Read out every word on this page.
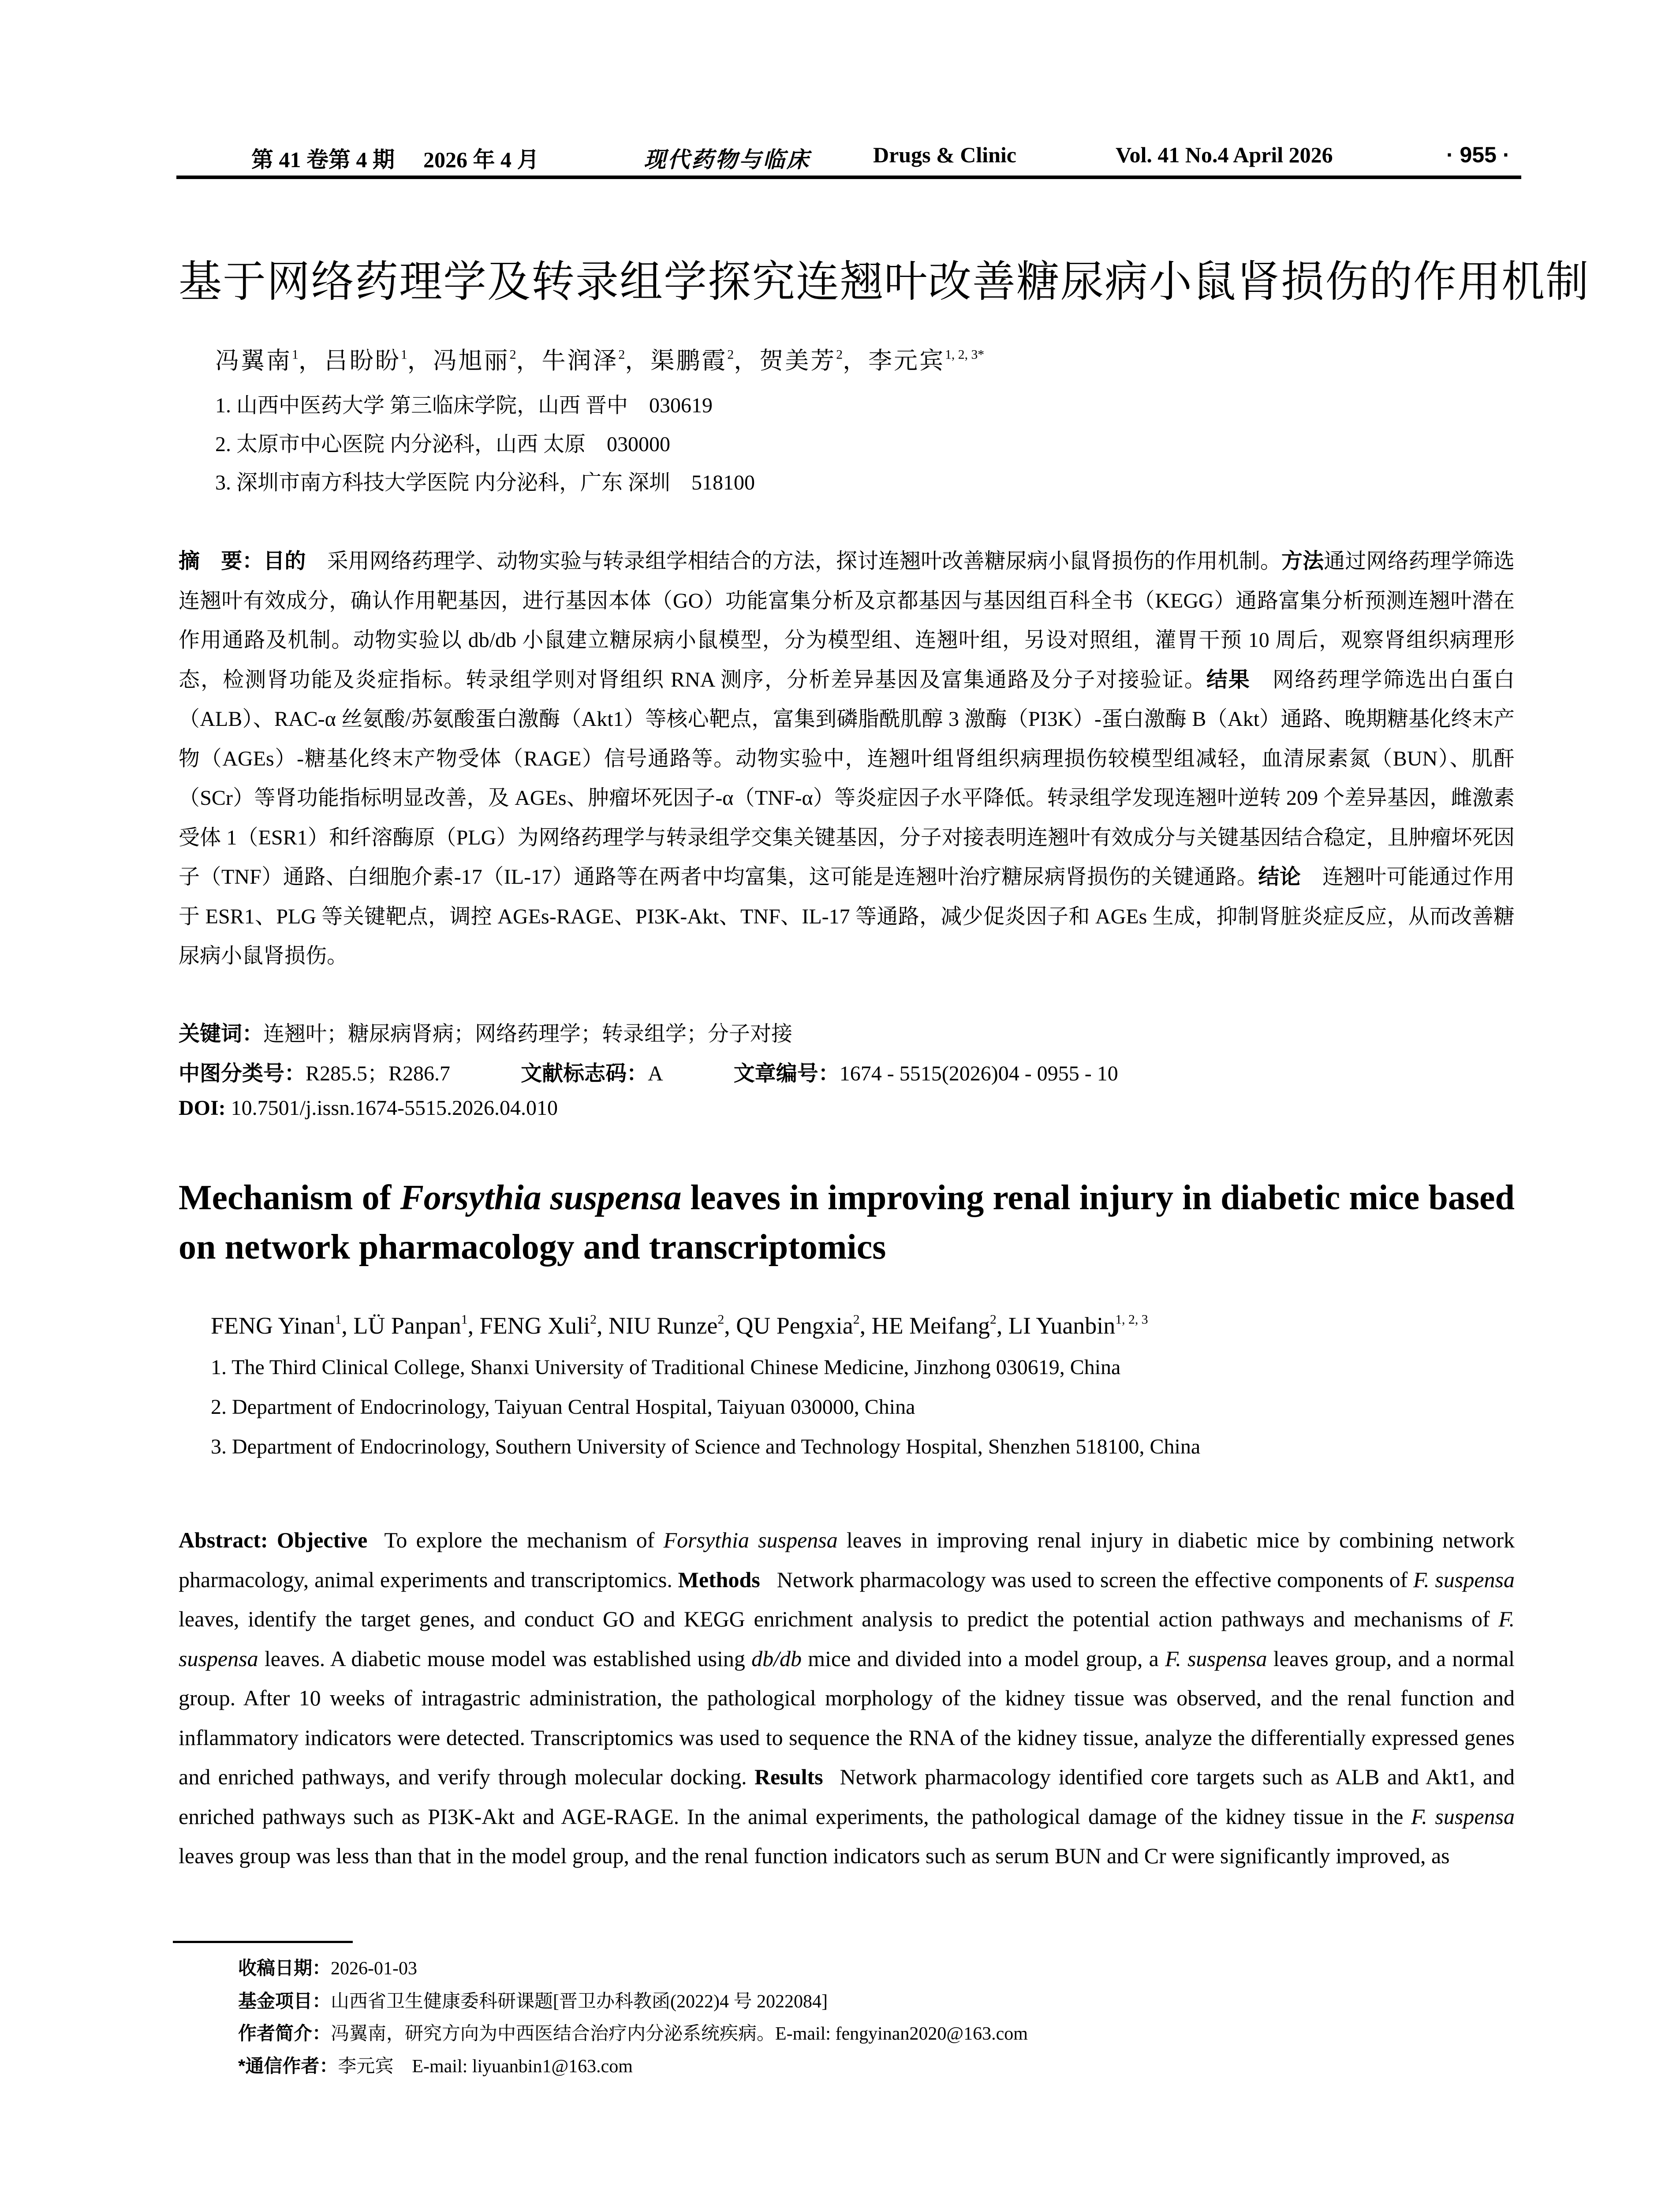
第 41 卷第 4 期 2026 年 4 月	现代药物与临床	Drugs & Clinic	Vol. 41 No.4 April 2026	· 955 ·
基于网络药理学及转录组学探究连翘叶改善糖尿病小鼠肾损伤的作用机制
冯翼南$^1$，吕盼盼$^1$，冯旭丽$^2$，牛润泽$^2$，渠鹏霞$^2$，贺美芳$^2$，李元宾$^{1, 2, 3*}$
1. 山西中医药大学 第三临床学院，山西 晋中　030619
2. 太原市中心医院 内分泌科，山西 太原　030000
3. 深圳市南方科技大学医院 内分泌科，广东 深圳　518100
摘　要：目的 采用网络药理学、动物实验与转录组学相结合的方法，探讨连翘叶改善糖尿病小鼠肾损伤的作用机制。方法通过网络药理学筛选连翘叶有效成分，确认作用靶基因，进行基因本体（GO）功能富集分析及京都基因与基因组百科全书（KEGG）通路富集分析预测连翘叶潜在作用通路及机制。动物实验以 db/db 小鼠建立糖尿病小鼠模型，分为模型组、连翘叶组，另设对照组，灌胃干预 10 周后，观察肾组织病理形态，检测肾功能及炎症指标。转录组学则对肾组织 RNA 测序，分析差异基因及富集通路及分子对接验证。结果 网络药理学筛选出白蛋白（ALB）、RAC-α 丝氨酸/苏氨酸蛋白激酶（Akt1）等核心靶点，富集到磷脂酰肌醇 3 激酶（PI3K）-蛋白激酶 B（Akt）通路、晚期糖基化终末产物（AGEs）-糖基化终末产物受体（RAGE）信号通路等。动物实验中，连翘叶组肾组织病理损伤较模型组减轻，血清尿素氮（BUN）、肌酐（SCr）等肾功能指标明显改善，及 AGEs、肿瘤坏死因子-α（TNF-α）等炎症因子水平降低。转录组学发现连翘叶逆转 209 个差异基因，雌激素受体 1（ESR1）和纤溶酶原（PLG）为网络药理学与转录组学交集关键基因，分子对接表明连翘叶有效成分与关键基因结合稳定，且肿瘤坏死因子（TNF）通路、白细胞介素-17（IL-17）通路等在两者中均富集，这可能是连翘叶治疗糖尿病肾损伤的关键通路。结论 连翘叶可能通过作用于 ESR1、PLG 等关键靶点，调控 AGEs-RAGE、PI3K-Akt、TNF、IL-17 等通路，减少促炎因子和 AGEs 生成，抑制肾脏炎症反应，从而改善糖尿病小鼠肾损伤。
关键词：连翘叶；糖尿病肾病；网络药理学；转录组学；分子对接
中图分类号：R285.5；R286.7	文献标志码：A	文章编号：1674 - 5515(2026)04 - 0955 - 10
DOI: 10.7501/j.issn.1674-5515.2026.04.010
Mechanism of Forsythia suspensa leaves in improving renal injury in diabetic mice based on network pharmacology and transcriptomics
FENG Yinan$^1$, LÜ Panpan$^1$, FENG Xuli$^2$, NIU Runze$^2$, QU Pengxia$^2$, HE Meifang$^2$, LI Yuanbin$^{1, 2, 3}$
1. The Third Clinical College, Shanxi University of Traditional Chinese Medicine, Jinzhong 030619, China
2. Department of Endocrinology, Taiyuan Central Hospital, Taiyuan 030000, China
3. Department of Endocrinology, Southern University of Science and Technology Hospital, Shenzhen 518100, China
Abstract: Objective To explore the mechanism of Forsythia suspensa leaves in improving renal injury in diabetic mice by combining network pharmacology, animal experiments and transcriptomics. Methods Network pharmacology was used to screen the effective components of F. suspensa leaves, identify the target genes, and conduct GO and KEGG enrichment analysis to predict the potential action pathways and mechanisms of F. suspensa leaves. A diabetic mouse model was established using db/db mice and divided into a model group, a F. suspensa leaves group, and a normal group. After 10 weeks of intragastric administration, the pathological morphology of the kidney tissue was observed, and the renal function and inflammatory indicators were detected. Transcriptomics was used to sequence the RNA of the kidney tissue, analyze the differentially expressed genes and enriched pathways, and verify through molecular docking. Results Network pharmacology identified core targets such as ALB and Akt1, and enriched pathways such as PI3K-Akt and AGE-RAGE. In the animal experiments, the pathological damage of the kidney tissue in the F. suspensa leaves group was less than that in the model group, and the renal function indicators such as serum BUN and Cr were significantly improved, as
收稿日期：2026-01-03
基金项目：山西省卫生健康委科研课题[晋卫办科教函(2022)4 号 2022084]
作者简介：冯翼南，研究方向为中西医结合治疗内分泌系统疾病。E-mail: fengyinan2020@163.com
*通信作者：李元宾　E-mail: liyuanbin1@163.com
